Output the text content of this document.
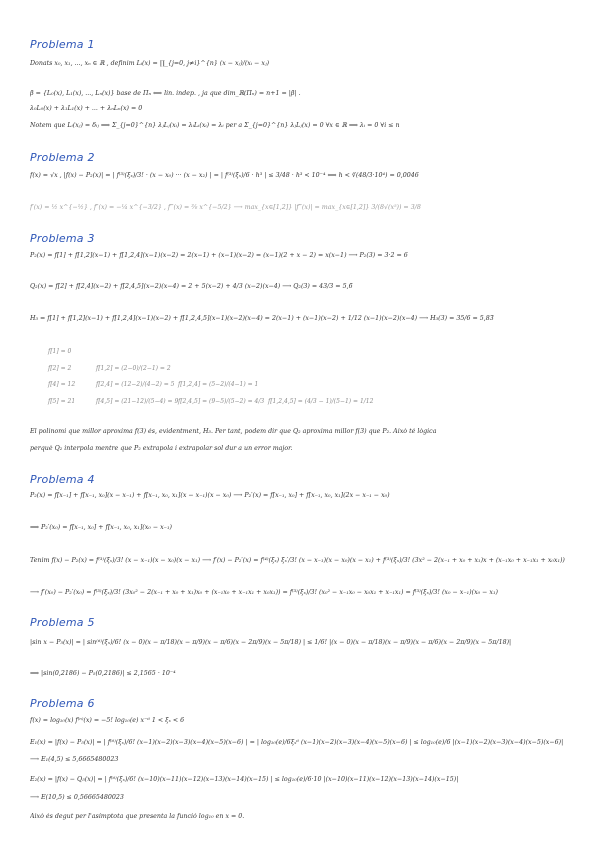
Problema 1
Donats x₀, x₁, ..., xₙ ∈ ℝ , definim Lᵢ(x) = ∏_{j=0, j≠i}^{n} (x − xⱼ)/(xᵢ − xⱼ)
β = {L₀(x), L₁(x), ..., Lₙ(x)} base de Πₙ ⟺ lin. indep. , ja que dim_ℝ(Πₙ) = n+1 = |β| .
λ₀L₀(x) + λ₁L₁(x) + ... + λₙLₙ(x) = 0
Notem que Lᵢ(xⱼ) = δᵢⱼ ⟹ Σ_{j=0}^{n} λⱼLⱼ(xᵢ) = λᵢLᵢ(xᵢ) = λᵢ per a Σ_{j=0}^{n} λⱼLⱼ(x) = 0 ∀x ∈ ℝ ⟹ λᵢ = 0 ∀i ≤ n
Problema 2
f(x) = √x , |f(x) − P₂(x)| = | f⁽³⁾(ξₓ)/3! · (x − x₀) ··· (x − x₂) | = | f⁽³⁾(ξₓ)/6 · h³ | ≤ 3/48 · h³ < 10⁻⁴ ⟺ h < ∛(48/3·10⁴) = 0,0046
f′(x) = ½ x^{−½} , f″(x) = −¼ x^{−3/2} , f‴(x) = ⅜ x^{−5/2} ⟶ max_{x∈[1,2]} |f‴(x)| = max_{x∈[1,2]} 3/(8√(x⁵)) = 3/8
Problema 3
P₂(x) = f[1] + f[1,2](x−1) + f[1,2,4](x−1)(x−2) = 2(x−1) + (x−1)(x−2) = (x−1)(2 + x − 2) = x(x−1) ⟶ P₂(3) = 3·2 = 6
Q₂(x) = f[2] + f[2,4](x−2) + f[2,4,5](x−2)(x−4) = 2 + 5(x−2) + 4/3 (x−2)(x−4) ⟶ Q₂(3) = 43/3 = 5,6̂
H₃ = f[1] + f[1,2](x−1) + f[1,2,4](x−1)(x−2) + f[1,2,4,5](x−1)(x−2)(x−4) = 2(x−1) + (x−1)(x−2) + 1/12 (x−1)(x−2)(x−4) ⟶ H₃(3) = 35/6 = 5,83̂
f[1] = 0
f[2] = 2	f[1,2] = (2−0)/(2−1) = 2
f[4] = 12	f[2,4] = (12−2)/(4−2) = 5 f[1,2,4] = (5−2)/(4−1) = 1
f[5] = 21	f[4,5] = (21−12)/(5−4) = 9 f[2,4,5] = (9−5)/(5−2) = 4/3 f[1,2,4,5] = (4/3 − 1)/(5−1) = 1/12
El polinomi que millor aproxima f(3) és, evidentment, H₃. Per tant, podem dir que Q₂ aproxima millor f(3) que P₂. Això té lògica
perquè Q₂ interpola mentre que P₂ extrapola i extrapolar sol dur a un error major.
Problema 4
P₂(x) = f[x₋₁] + f[x₋₁, x₀](x − x₋₁) + f[x₋₁, x₀, x₁](x − x₋₁)(x − x₀) ⟶ P₂′(x) = f[x₋₁, x₀] + f[x₋₁, x₀, x₁](2x − x₋₁ − x₀)
⟹ P₂′(x₀) = f[x₋₁, x₀] + f[x₋₁, x₀, x₁](x₀ − x₋₁)
Tenim f(x) − P₂(x) = f⁽³⁾(ξₓ)/3! (x − x₋₁)(x − x₀)(x − x₁) ⟶ f′(x) − P₂′(x) = f⁽⁴⁾(ξₓ) ξₓ′/3! (x − x₋₁)(x − x₀)(x − x₁) + f⁽³⁾(ξₓ)/3! (3x² − 2(x₋₁ + x₀ + x₁)x + (x₋₁x₀ + x₋₁x₁ + x₀x₁))
⟶ f′(x₀) − P₂′(x₀) = f⁽³⁾(ξₓ)/3! (3x₀² − 2(x₋₁ + x₀ + x₁)x₀ + (x₋₁x₀ + x₋₁x₁ + x₀x₁)) = f⁽³⁾(ξₓ)/3! (x₀² − x₋₁x₀ − x₀x₁ + x₋₁x₁) = f⁽³⁾(ξₓ)/3! (x₀ − x₋₁)(x₀ − x₁)
Problema 5
|sin x − P₅(x)| = | sin⁽⁶⁾(ξₓ)/6! (x − 0)(x − π/18)(x − π/9)(x − π/6)(x − 2π/9)(x − 5π/18) | ≤ 1/6! |(x − 0)(x − π/18)(x − π/9)(x − π/6)(x − 2π/9)(x − 5π/18)|
⟹ |sin(0,2186) − P₅(0,2186)| ≤ 2,1565 · 10⁻⁴
Problema 6
f(x) = log₁₀(x) f⁽ⁿ⁾(x) = −5! log₁₀(e) x⁻⁶ 1 < ξₓ < 6
E₁(x) = |f(x) − P₅(x)| = | f⁽⁶⁾(ξₓ)/6! (x−1)(x−2)(x−3)(x−4)(x−5)(x−6) | = | log₁₀(e)/6ξₓ⁶ (x−1)(x−2)(x−3)(x−4)(x−5)(x−6) | ≤ log₁₀(e)/6 |(x−1)(x−2)(x−3)(x−4)(x−5)(x−6)|
⟶ E₁(4,5) ≤ 5,6665480023
E₂(x) = |f(x) − Q₅(x)| = | f⁽⁶⁾(ξₓ)/6! (x−10)(x−11)(x−12)(x−13)(x−14)(x−15) | ≤ log₁₀(e)/6·10 |(x−10)(x−11)(x−12)(x−13)(x−14)(x−15)|
⟶ E(10,5) ≤ 0,56665480023
Això és degut per l'asímptota que presenta la funció log₁₀ en x = 0.
